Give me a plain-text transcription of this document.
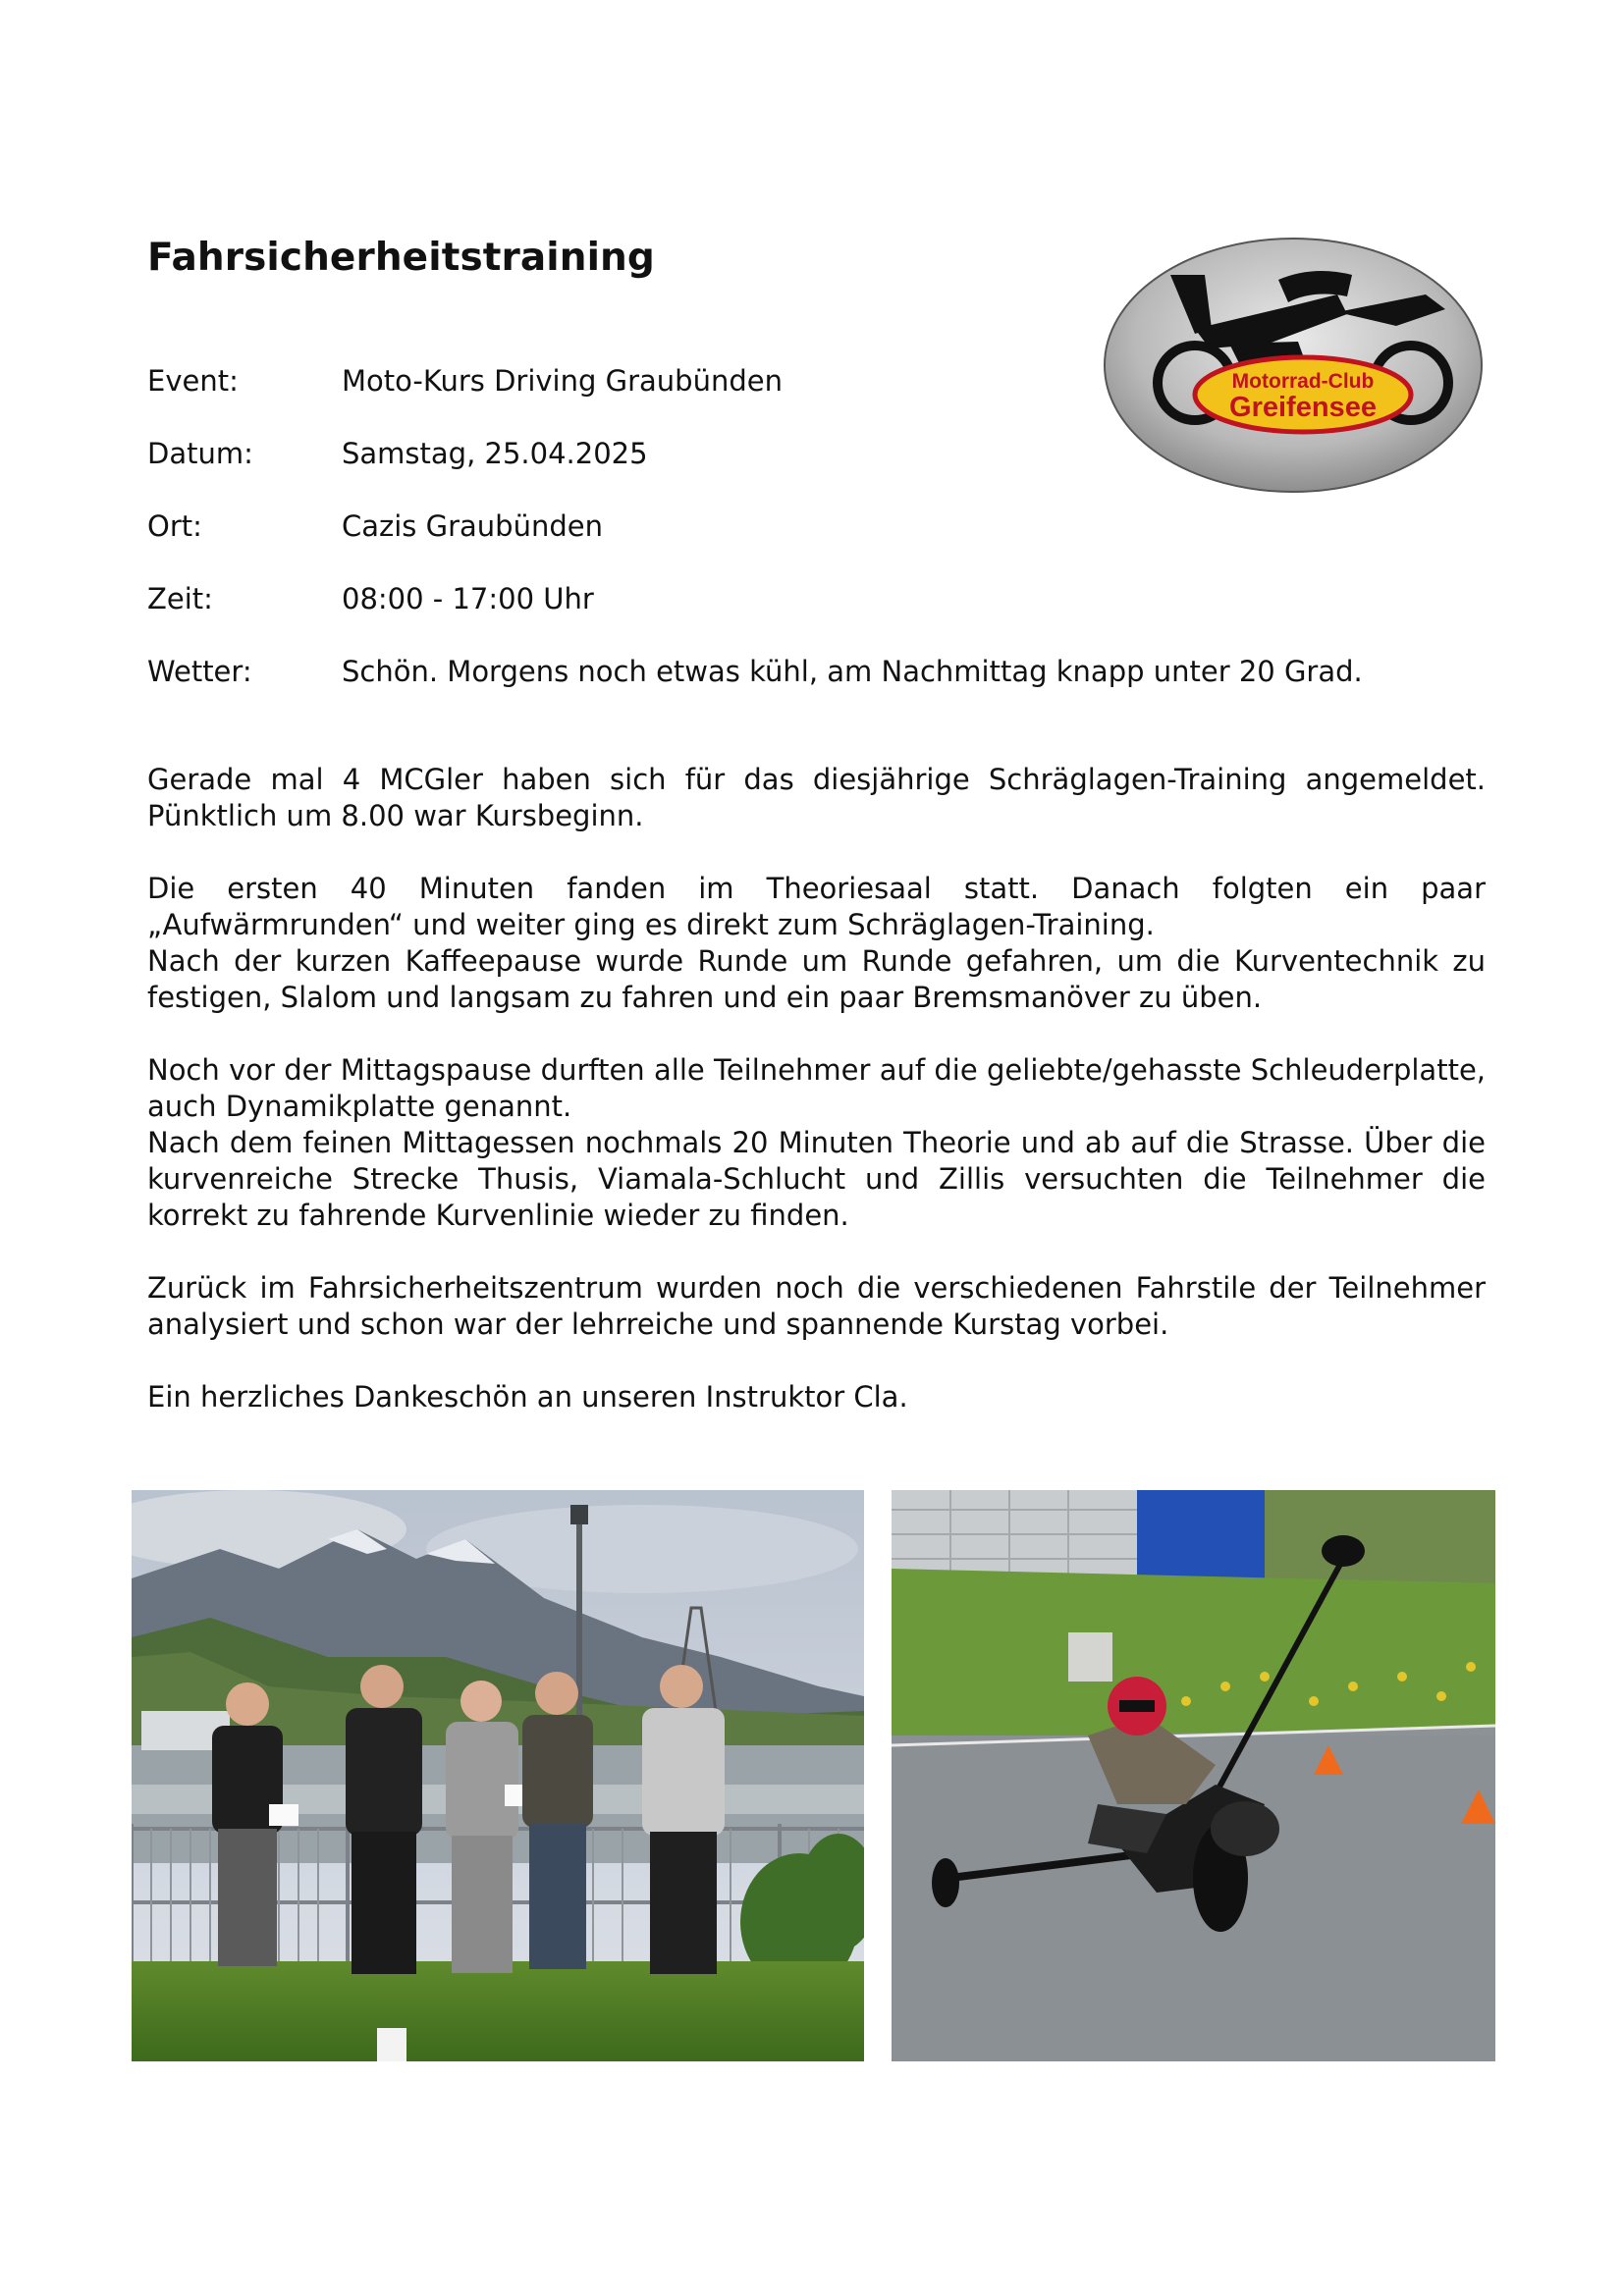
Fahrsicherheitstraining
Motorrad-Club
Greifensee
Event:	Moto-Kurs Driving Graubünden
Datum:	Samstag, 25.04.2025
Ort:	Cazis Graubünden
Zeit:	08:00 - 17:00 Uhr
Wetter:	Schön. Morgens noch etwas kühl, am Nachmittag knapp unter 20 Grad.

Gerade mal 4 MCGler haben sich für das diesjährige Schräglagen-Training angemeldet. Pünktlich um 8.00 war Kursbeginn.

Die ersten 40 Minuten fanden im Theoriesaal statt. Danach folgten ein paar „Aufwärmrunden“ und weiter ging es direkt zum Schräglagen-Training.

Nach der kurzen Kaffeepause wurde Runde um Runde gefahren, um die Kurventechnik zu festigen, Slalom und langsam zu fahren und ein paar Bremsmanöver zu üben.

Noch vor der Mittagspause durften alle Teilnehmer auf die geliebte/gehasste Schleuderplatte, auch Dynamikplatte genannt.

Nach dem feinen Mittagessen nochmals 20 Minuten Theorie und ab auf die Strasse. Über die kurvenreiche Strecke Thusis, Viamala-Schlucht und Zillis versuchten die Teilnehmer die korrekt zu fahrende Kurvenlinie wieder zu finden.

Zurück im Fahrsicherheitszentrum wurden noch die verschiedenen Fahrstile der Teilnehmer analysiert und schon war der lehrreiche und spannende Kurstag vorbei.

Ein herzliches Dankeschön an unseren Instruktor Cla.
